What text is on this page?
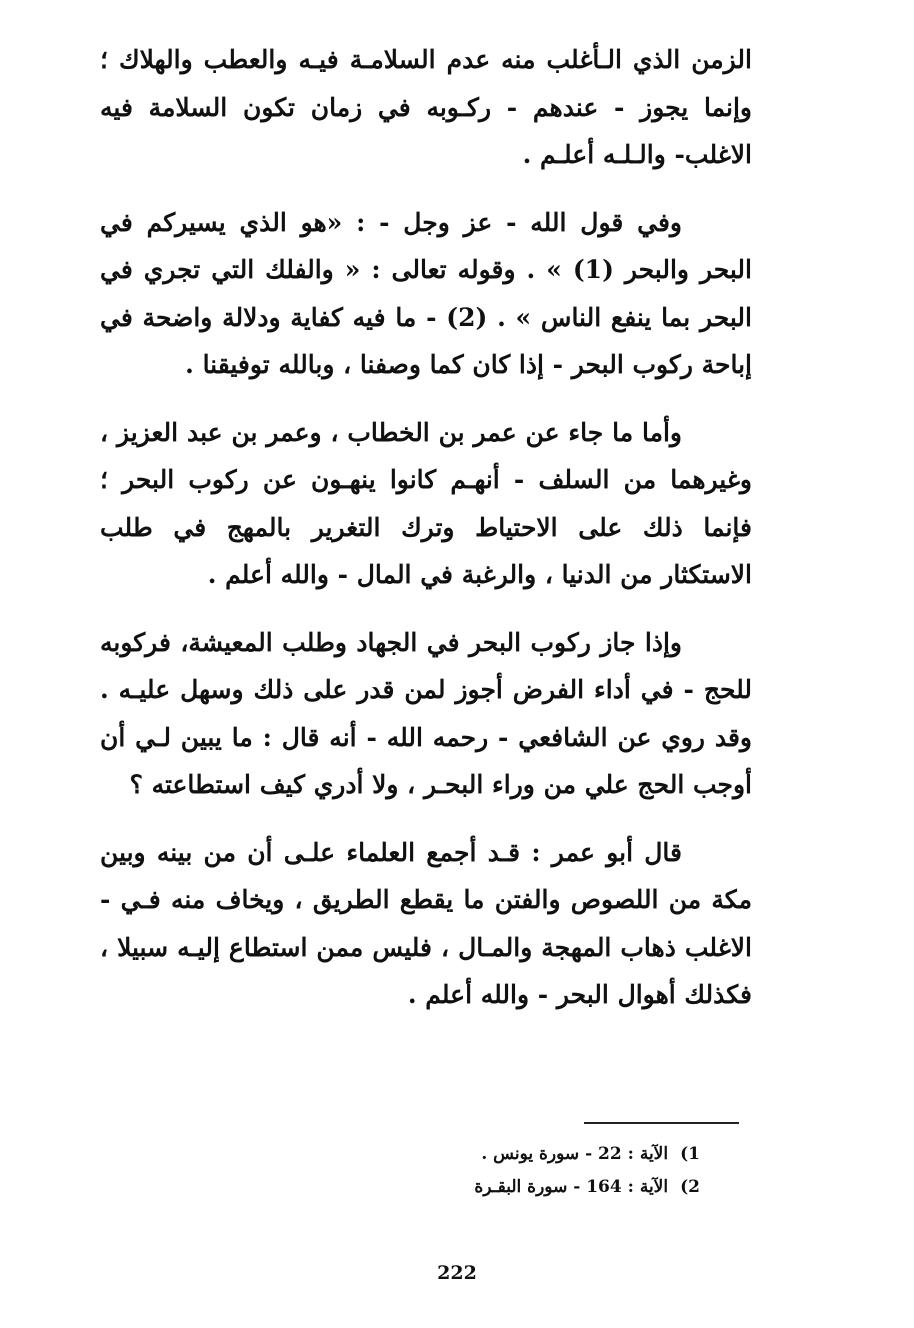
الزمن الذي الـأغلب منه عدم السلامـة فيـه والعطب والهلاك ؛ وإنما يجوز - عندهم - ركـوبه في زمان تكون السلامة فيه الاغلب- والـلـه أعلـم .

وفي قول الله - عز وجل - : «هو الذي يسيركم في البحر والبحر (1) » . وقوله تعالى : « والفلك التي تجري في البحر بما ينفع الناس » . (2) - ما فيه كفاية ودلالة واضحة في إباحة ركوب البحر - إذا كان كما وصفنا ، وبالله توفيقنا .

وأما ما جاء عن عمر بن الخطاب ، وعمر بن عبد العزيز ، وغيرهما من السلف - أنهـم كانوا ينهـون عن ركوب البحر ؛ فإنما ذلك على الاحتياط وترك التغرير بالمهج في طلب الاستكثار من الدنيا ، والرغبة في المال - والله أعلم .

وإذا جاز ركوب البحر في الجهاد وطلب المعيشة، فركوبه للحج - في أداء الفرض أجوز لمن قدر على ذلك وسهل عليـه . وقد روي عن الشافعي - رحمه الله - أنه قال : ما يبين لـي أن أوجب الحج علي من وراء البحـر ، ولا أدري كيف استطاعته ؟

قال أبو عمر : قـد أجمع العلماء علـى أن من بينه وبين مكة من اللصوص والفتن ما يقطع الطريق ، ويخاف منه فـي - الاغلب ذهاب المهجة والمـال ، فليس ممن استطاع إليـه سبيلا ، فكذلك أهوال البحر - والله أعلم .

1)الآية : 22 - سورة يونس .
2)الآية : 164 - سورة البقـرة
222
